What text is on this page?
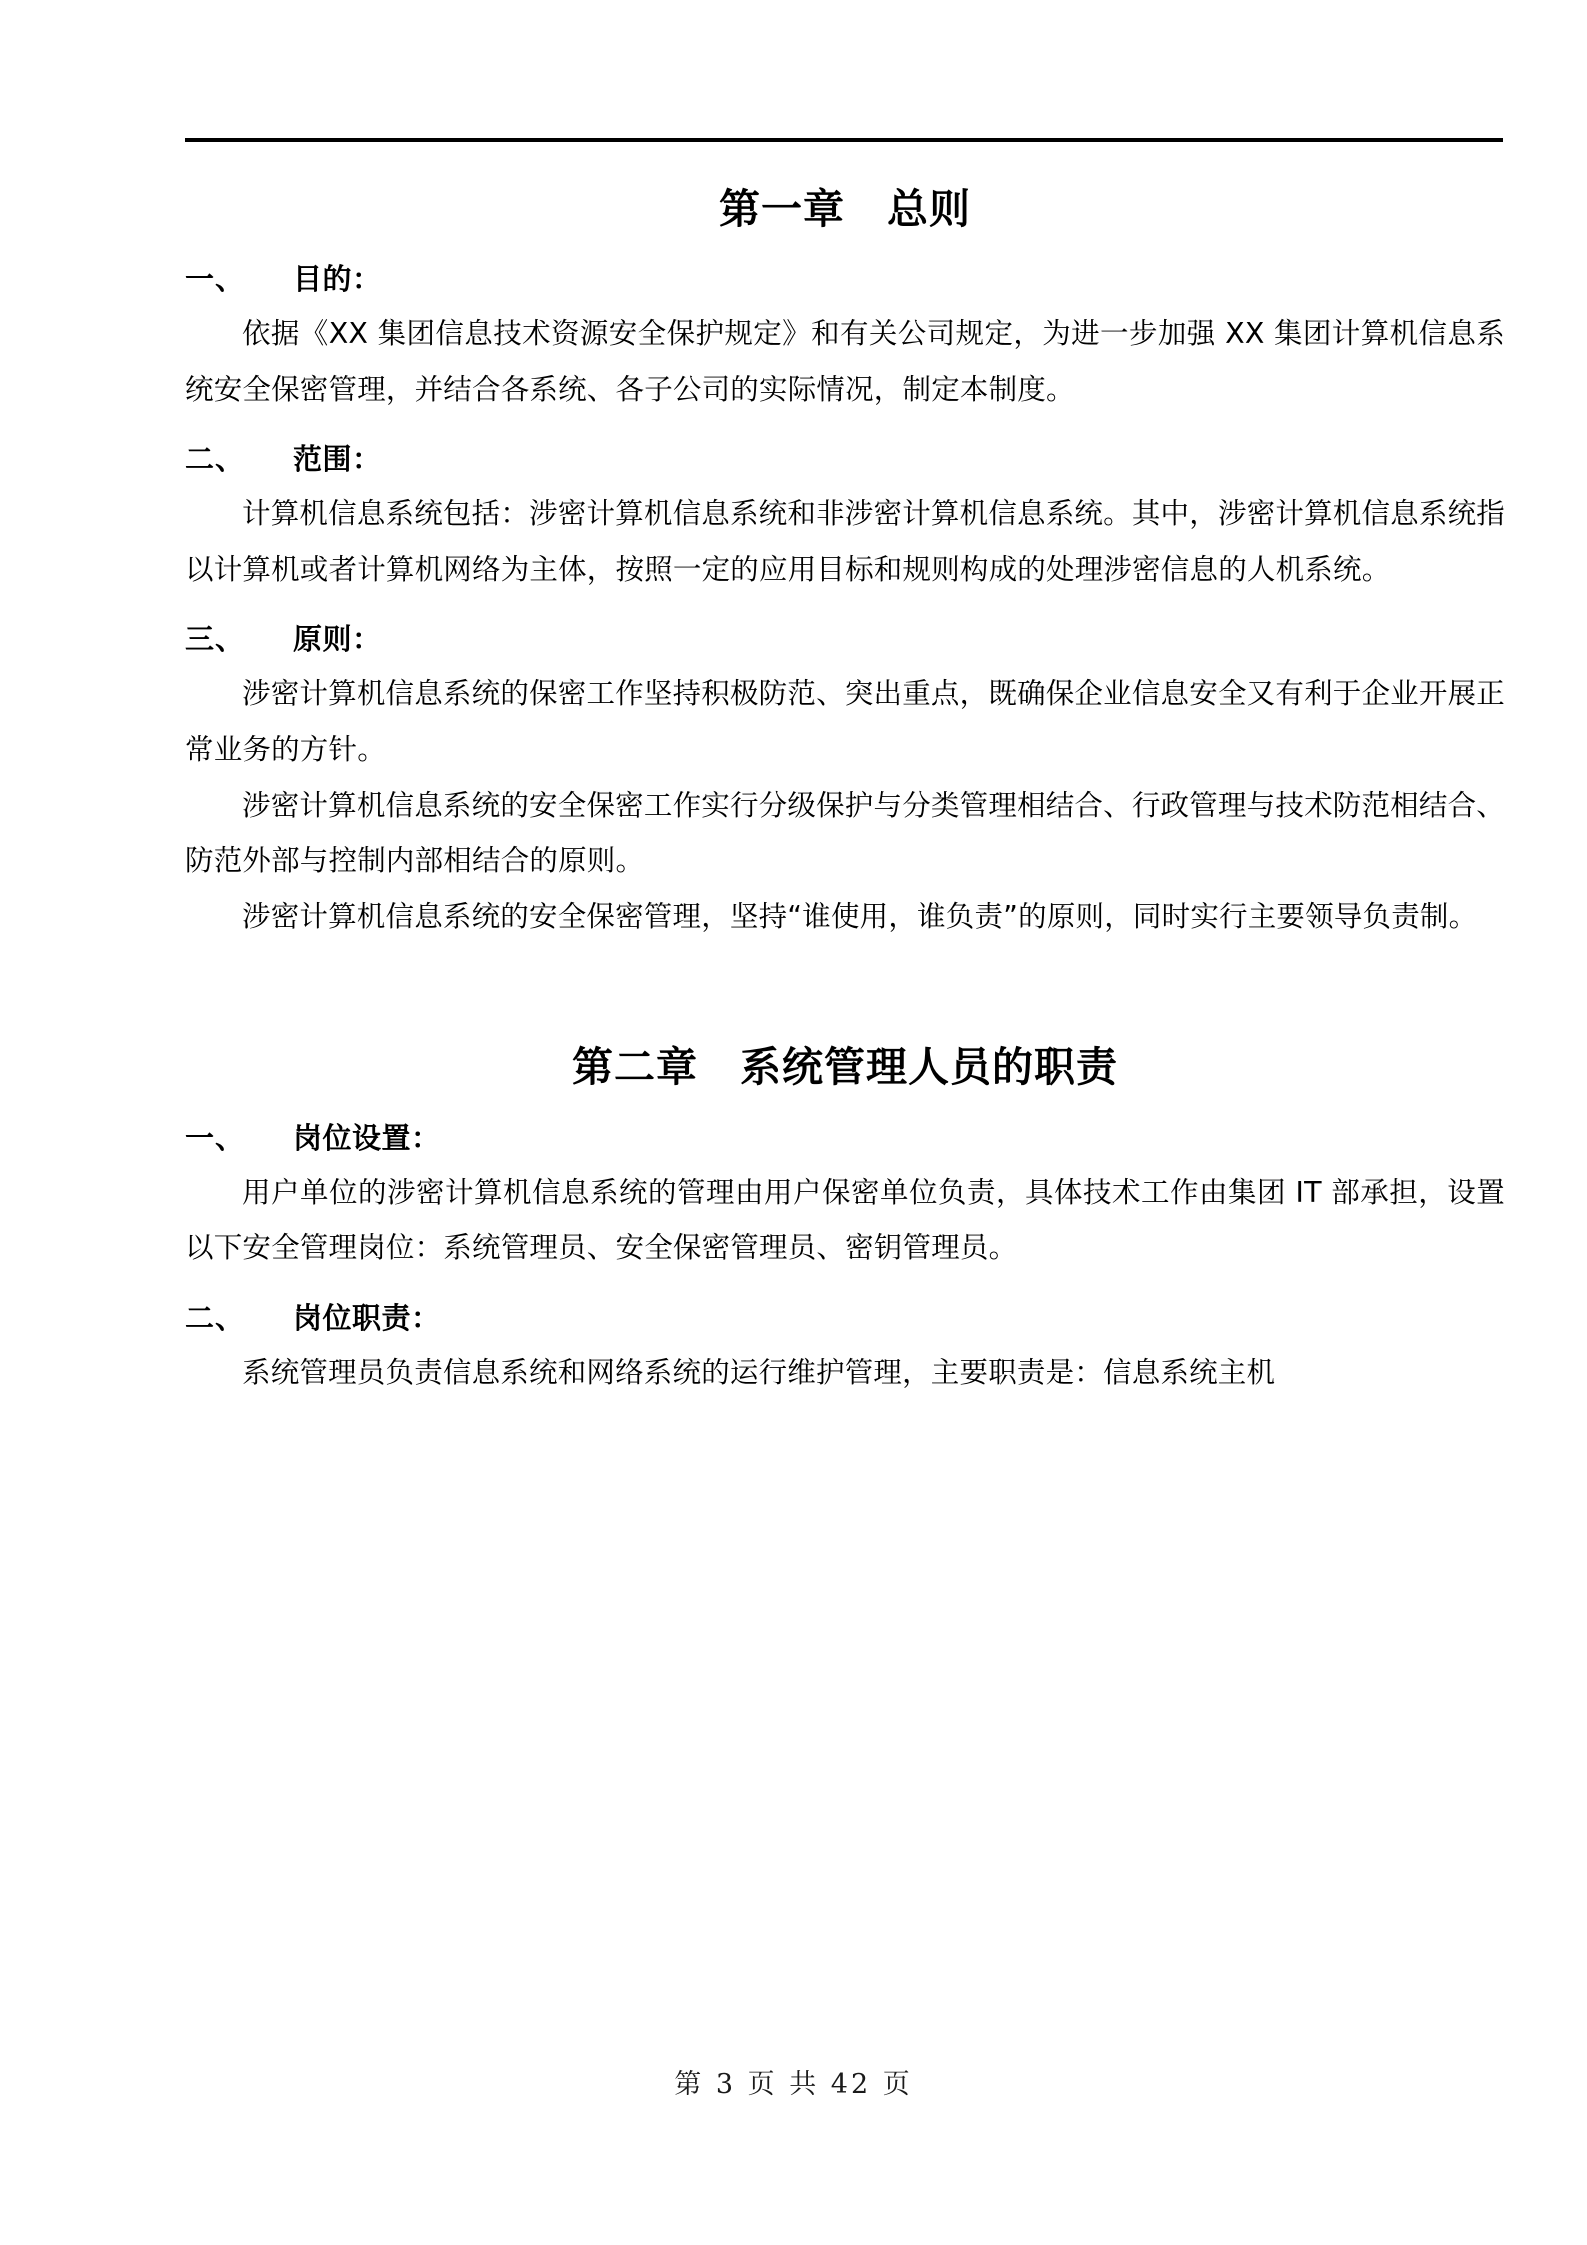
第一章　总则
一、	目的：

依据《XX 集团信息技术资源安全保护规定》和有关公司规定，为进一步加强 XX 集团计算机信息系统安全保密管理，并结合各系统、各子公司的实际情况，制定本制度。

二、	范围：

计算机信息系统包括：涉密计算机信息系统和非涉密计算机信息系统。其中，涉密计算机信息系统指以计算机或者计算机网络为主体，按照一定的应用目标和规则构成的处理涉密信息的人机系统。

三、	原则：

涉密计算机信息系统的保密工作坚持积极防范、突出重点，既确保企业信息安全又有利于企业开展正常业务的方针。

涉密计算机信息系统的安全保密工作实行分级保护与分类管理相结合、行政管理与技术防范相结合、防范外部与控制内部相结合的原则。

涉密计算机信息系统的安全保密管理，坚持“谁使用，谁负责”的原则，同时实行主要领导负责制。

第二章　系统管理人员的职责
一、	岗位设置：

用户单位的涉密计算机信息系统的管理由用户保密单位负责，具体技术工作由集团 IT 部承担，设置以下安全管理岗位：系统管理员、安全保密管理员、密钥管理员。

二、	岗位职责：

系统管理员负责信息系统和网络系统的运行维护管理，主要职责是：信息系统主机

第 3 页 共 42 页
